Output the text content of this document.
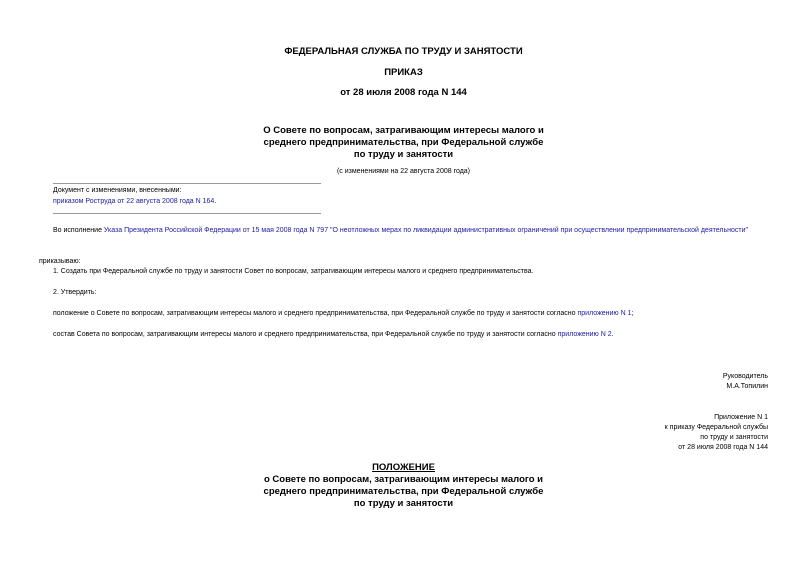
ФЕДЕРАЛЬНАЯ СЛУЖБА ПО ТРУДУ И ЗАНЯТОСТИ
ПРИКАЗ
от 28 июля 2008 года N 144
О Совете по вопросам, затрагивающим интересы малого и
среднего предпринимательства, при Федеральной службе
по труду и занятости
(с изменениями на 22 августа 2008 года)
Документ с изменениями, внесенными:
приказом Роструда от 22 августа 2008 года N 164.
Во исполнение Указа Президента Российской Федерации от 15 мая 2008 года N 797 "О неотложных мерах по ликвидации административных ограничений при осуществлении предпринимательской деятельности"
приказываю:
1. Создать при Федеральной службе по труду и занятости Совет по вопросам, затрагивающим интересы малого и среднего предпринимательства.
2. Утвердить:
положение о Совете по вопросам, затрагивающим интересы малого и среднего предпринимательства, при Федеральной службе по труду и занятости согласно приложению N 1;
состав Совета по вопросам, затрагивающим интересы малого и среднего предпринимательства, при Федеральной службе по труду и занятости согласно приложению N 2.
Руководитель
М.А.Топилин
Приложение N 1
к приказу Федеральной службы
по труду и занятости
от 28 июля 2008 года N 144
ПОЛОЖЕНИЕ
о Совете по вопросам, затрагивающим интересы малого и
среднего предпринимательства, при Федеральной службе
по труду и занятости
